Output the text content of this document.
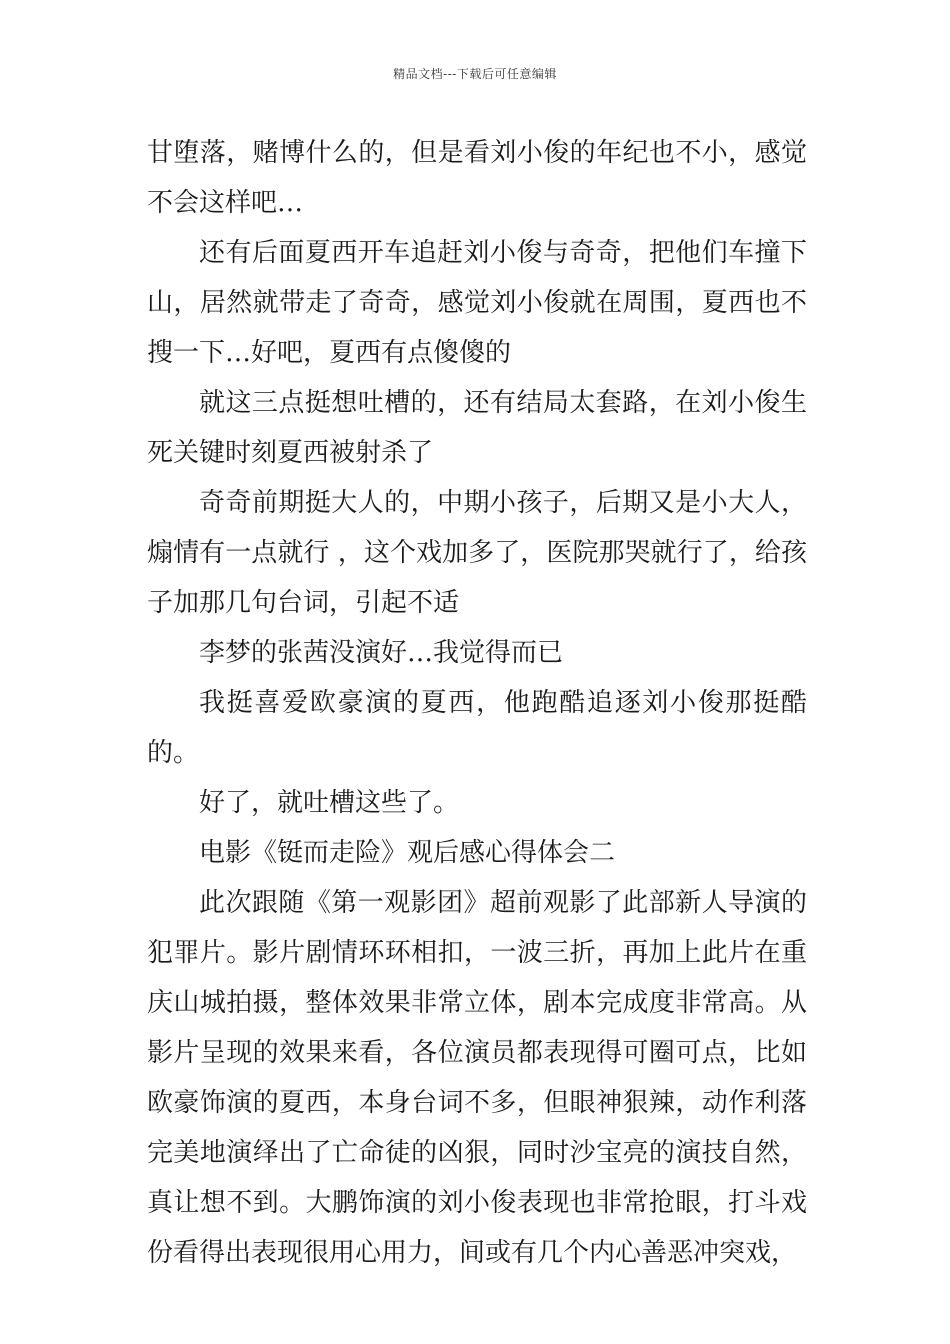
精品文档---下载后可任意编辑

甘堕落，赌博什么的，但是看刘小俊的年纪也不小，感觉不会这样吧…

还有后面夏西开车追赶刘小俊与奇奇，把他们车撞下山，居然就带走了奇奇，感觉刘小俊就在周围，夏西也不搜一下…好吧，夏西有点傻傻的

就这三点挺想吐槽的，还有结局太套路，在刘小俊生死关键时刻夏西被射杀了

奇奇前期挺大人的，中期小孩子，后期又是小大人，煽情有一点就行 ，这个戏加多了，医院那哭就行了，给孩子加那几句台词，引起不适

李梦的张茜没演好…我觉得而已

我挺喜爱欧豪演的夏西，他跑酷追逐刘小俊那挺酷的。

好了，就吐槽这些了。

电影《铤而走险》观后感心得体会二

此次跟随《第一观影团》超前观影了此部新人导演的犯罪片。影片剧情环环相扣，一波三折，再加上此片在重庆山城拍摄，整体效果非常立体，剧本完成度非常高。从影片呈现的效果来看，各位演员都表现得可圈可点，比如欧豪饰演的夏西，本身台词不多，但眼神狠辣，动作利落完美地演绎出了亡命徒的凶狠，同时沙宝亮的演技自然，真让想不到。大鹏饰演的刘小俊表现也非常抢眼，打斗戏份看得出表现很用心用力，间或有几个内心善恶冲突戏，
